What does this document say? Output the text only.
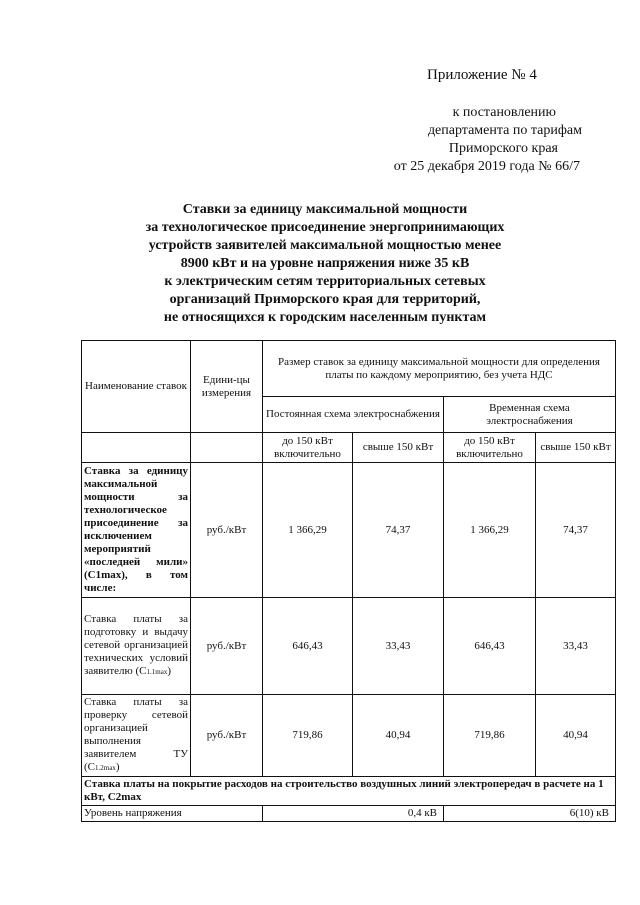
Приложение № 4
к постановлению
департамента по тарифам
Приморского края
от 25 декабря 2019 года № 66/7
Ставки за единицу максимальной мощности
за технологическое присоединение энергопринимающих
устройств заявителей максимальной мощностью менее
8900 кВт и на уровне напряжения ниже 35 кВ
к электрическим сетям территориальных сетевых
организаций Приморского края для территорий,
не относящихся к городским населенным пунктам
Наименование ставок	Едини-цы измерения	Размер ставок за единицу максимальной мощности для определения платы по каждому мероприятию, без учета НДС			
		Постоянная схема электроснабжения		Временная схема электроснабжения	
		до 150 кВт включительно	свыше 150 кВт	до 150 кВт включительно	свыше 150 кВт
Ставка за единицу максимальной мощности за технологическое присоединение за исключением мероприятий «последней мили» (С1max), в том числе:	руб./кВт	1 366,29	74,37	1 366,29	74,37
Ставка платы за подготовку и выдачу сетевой организацией технических условий заявителю (С1.1max)	руб./кВт	646,43	33,43	646,43	33,43
Ставка платы за проверку сетевой организацией выполнения заявителем ТУ (С1.2max)	руб./кВт	719,86	40,94	719,86	40,94
Ставка платы на покрытие расходов на строительство воздушных линий электропередач в расчете на 1 кВт, С2max					
Уровень напряжения		0,4 кВ		6(10) кВ	
